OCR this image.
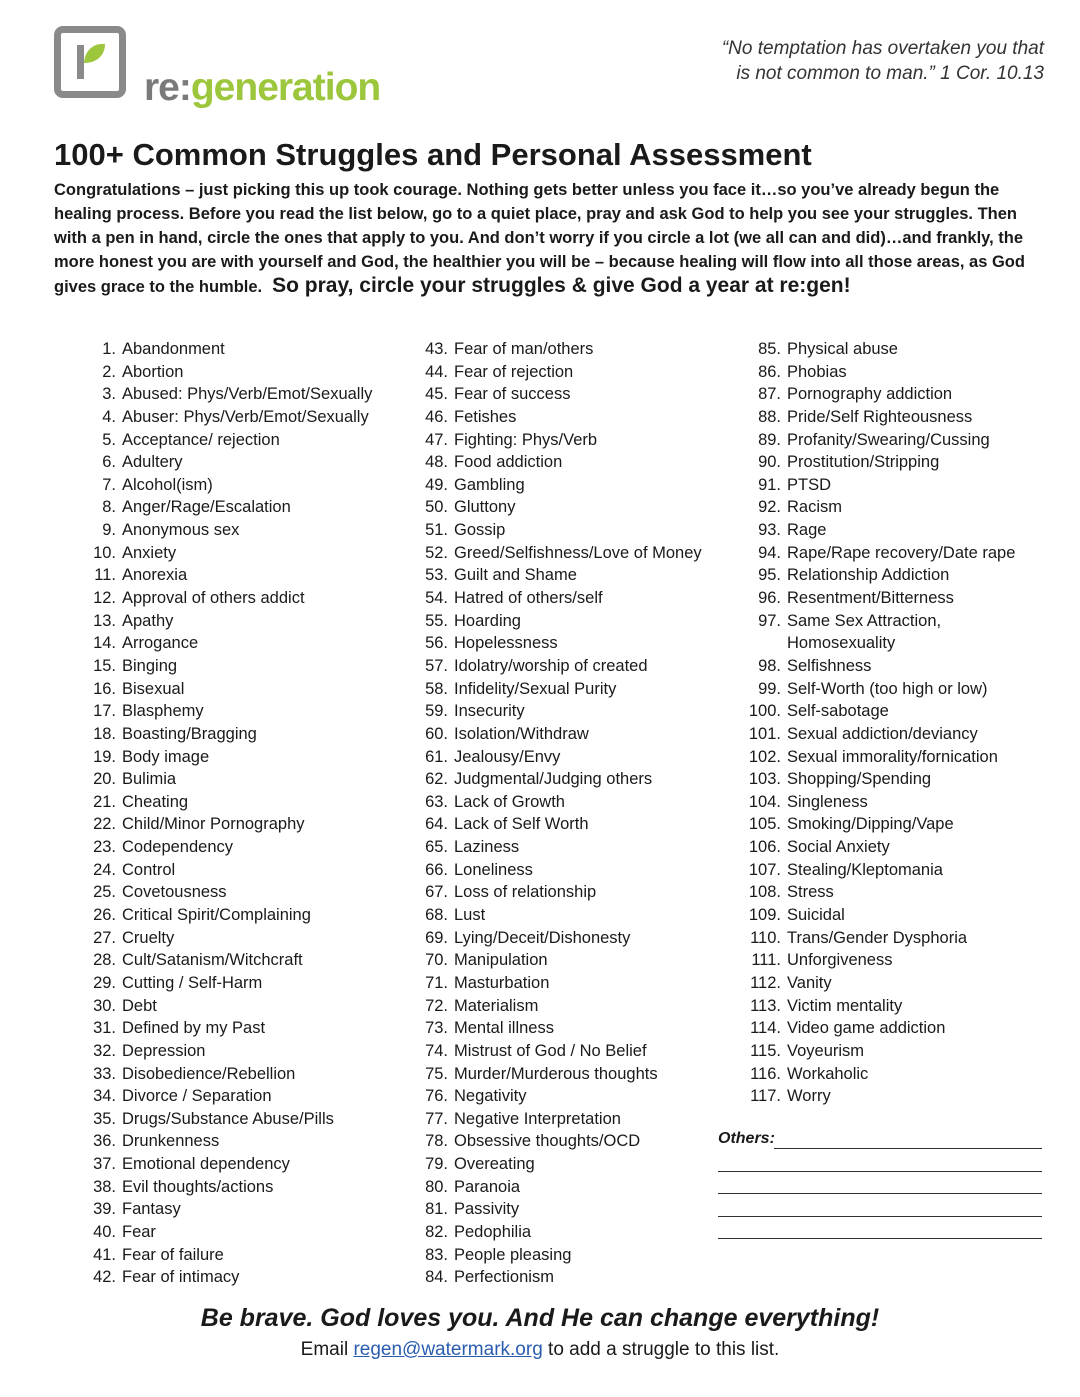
re:generation
“No temptation has overtaken you that
is not common to man.” 1 Cor. 10.13
100+ Common Struggles and Personal Assessment
Congratulations – just picking this up took courage. Nothing gets better unless you face it…so you’ve already begun the healing process. Before you read the list below, go to a quiet place, pray and ask God to help you see your struggles. Then with a pen in hand, circle the ones that apply to you. And don’t worry if you circle a lot (we all can and did)…and frankly, the more honest you are with yourself and God, the healthier you will be – because healing will flow into all those areas, as God gives grace to the humble. So pray, circle your struggles & give God a year at re:gen!
1. Abandonment
2. Abortion
3. Abused: Phys/Verb/Emot/Sexually
4. Abuser: Phys/Verb/Emot/Sexually
5. Acceptance/ rejection
6. Adultery
7. Alcohol(ism)
8. Anger/Rage/Escalation
9. Anonymous sex
10. Anxiety
11. Anorexia
12. Approval of others addict
13. Apathy
14. Arrogance
15. Binging
16. Bisexual
17. Blasphemy
18. Boasting/Bragging
19. Body image
20. Bulimia
21. Cheating
22. Child/Minor Pornography
23. Codependency
24. Control
25. Covetousness
26. Critical Spirit/Complaining
27. Cruelty
28. Cult/Satanism/Witchcraft
29. Cutting / Self-Harm
30. Debt
31. Defined by my Past
32. Depression
33. Disobedience/Rebellion
34. Divorce / Separation
35. Drugs/Substance Abuse/Pills
36. Drunkenness
37. Emotional dependency
38. Evil thoughts/actions
39. Fantasy
40. Fear
41. Fear of failure
42. Fear of intimacy
43. Fear of man/others
44. Fear of rejection
45. Fear of success
46. Fetishes
47. Fighting: Phys/Verb
48. Food addiction
49. Gambling
50. Gluttony
51. Gossip
52. Greed/Selfishness/Love of Money
53. Guilt and Shame
54. Hatred of others/self
55. Hoarding
56. Hopelessness
57. Idolatry/worship of created
58. Infidelity/Sexual Purity
59. Insecurity
60. Isolation/Withdraw
61. Jealousy/Envy
62. Judgmental/Judging others
63. Lack of Growth
64. Lack of Self Worth
65. Laziness
66. Loneliness
67. Loss of relationship
68. Lust
69. Lying/Deceit/Dishonesty
70. Manipulation
71. Masturbation
72. Materialism
73. Mental illness
74. Mistrust of God / No Belief
75. Murder/Murderous thoughts
76. Negativity
77. Negative Interpretation
78. Obsessive thoughts/OCD
79. Overeating
80. Paranoia
81. Passivity
82. Pedophilia
83. People pleasing
84. Perfectionism
85. Physical abuse
86. Phobias
87. Pornography addiction
88. Pride/Self Righteousness
89. Profanity/Swearing/Cussing
90. Prostitution/Stripping
91. PTSD
92. Racism
93. Rage
94. Rape/Rape recovery/Date rape
95. Relationship Addiction
96. Resentment/Bitterness
97. Same Sex Attraction,
Homosexuality
98. Selfishness
99. Self-Worth (too high or low)
100. Self-sabotage
101. Sexual addiction/deviancy
102. Sexual immorality/fornication
103. Shopping/Spending
104. Singleness
105. Smoking/Dipping/Vape
106. Social Anxiety
107. Stealing/Kleptomania
108. Stress
109. Suicidal
110. Trans/Gender Dysphoria
111. Unforgiveness
112. Vanity
113. Victim mentality
114. Video game addiction
115. Voyeurism
116. Workaholic
117. Worry
Others:
Be brave. God loves you. And He can change everything!
Email regen@watermark.org to add a struggle to this list.
